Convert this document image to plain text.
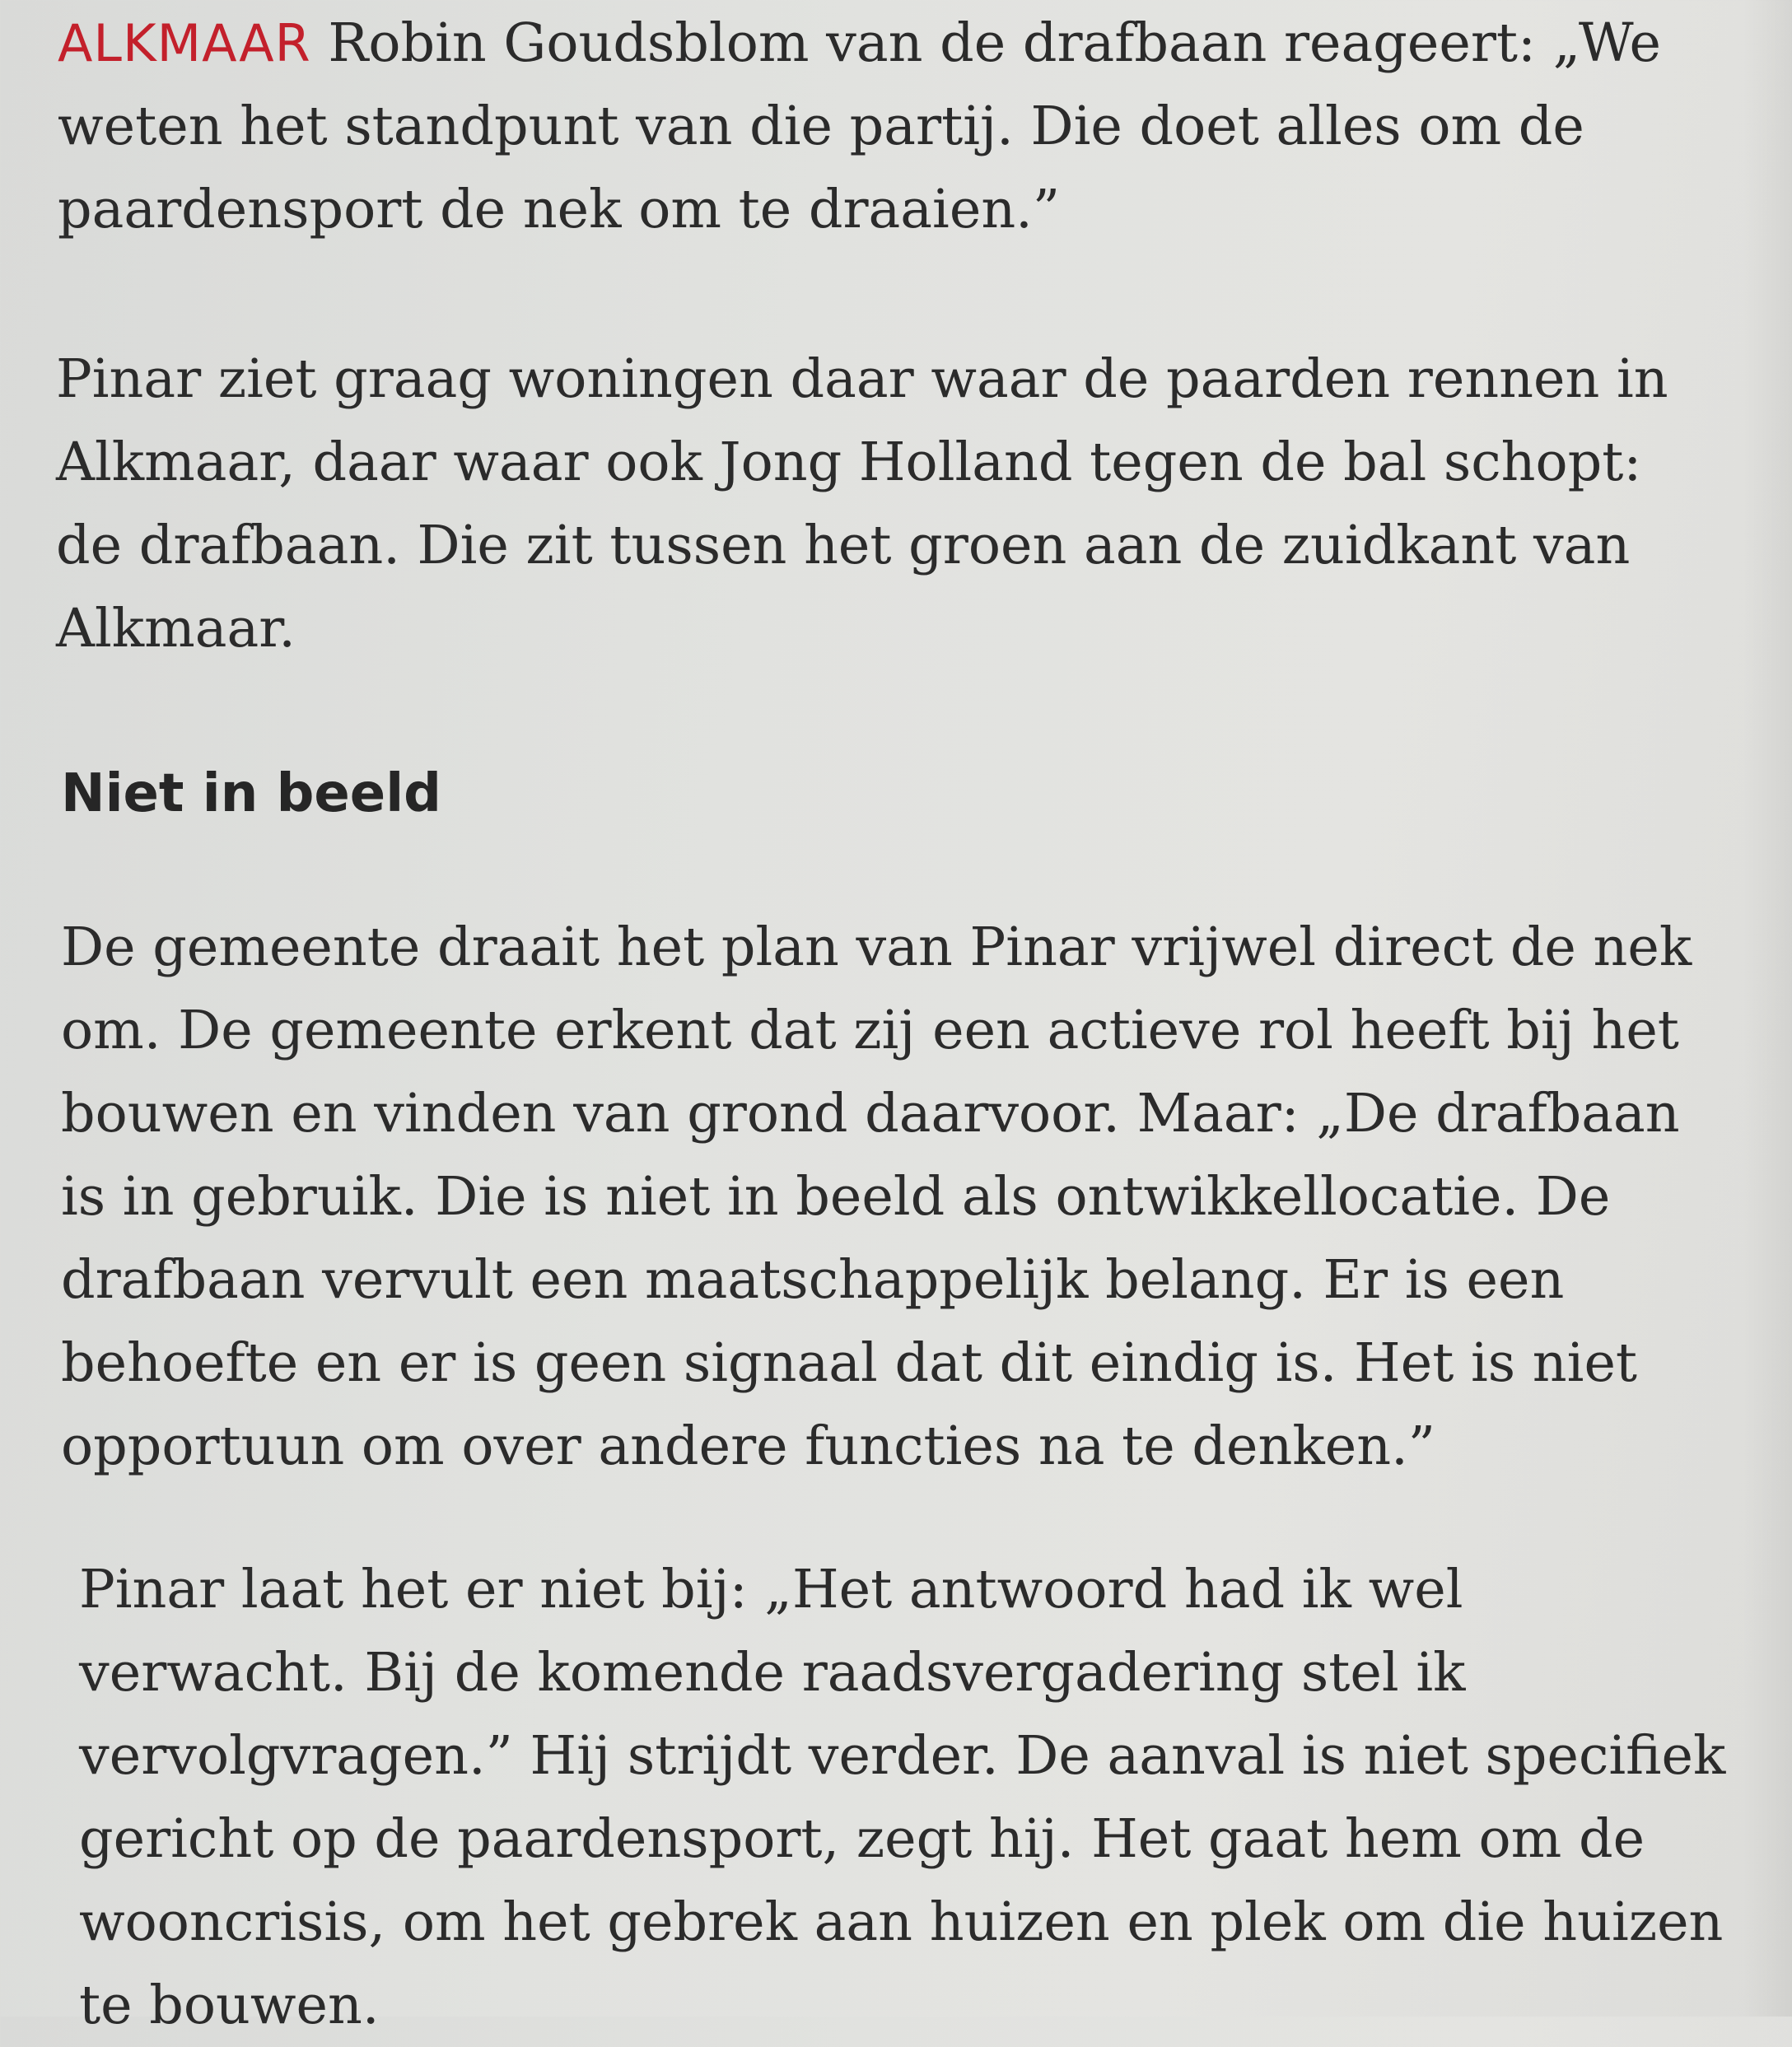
ALKMAAR Robin Goudsblom van de drafbaan reageert: „We
weten het standpunt van die partij. Die doet alles om de
paardensport de nek om te draaien.”

Pinar ziet graag woningen daar waar de paarden rennen in
Alkmaar, daar waar ook Jong Holland tegen de bal schopt:
de drafbaan. Die zit tussen het groen aan de zuidkant van
Alkmaar.

Niet in beeld

De gemeente draait het plan van Pinar vrijwel direct de nek
om. De gemeente erkent dat zij een actieve rol heeft bij het
bouwen en vinden van grond daarvoor. Maar: „De drafbaan
is in gebruik. Die is niet in beeld als ontwikkellocatie. De
drafbaan vervult een maatschappelijk belang. Er is een
behoefte en er is geen signaal dat dit eindig is. Het is niet
opportuun om over andere functies na te denken.”

Pinar laat het er niet bij: „Het antwoord had ik wel
verwacht. Bij de komende raadsvergadering stel ik
vervolgvragen.” Hij strijdt verder. De aanval is niet specifiek
gericht op de paardensport, zegt hij. Het gaat hem om de
wooncrisis, om het gebrek aan huizen en plek om die huizen
te bouwen.
